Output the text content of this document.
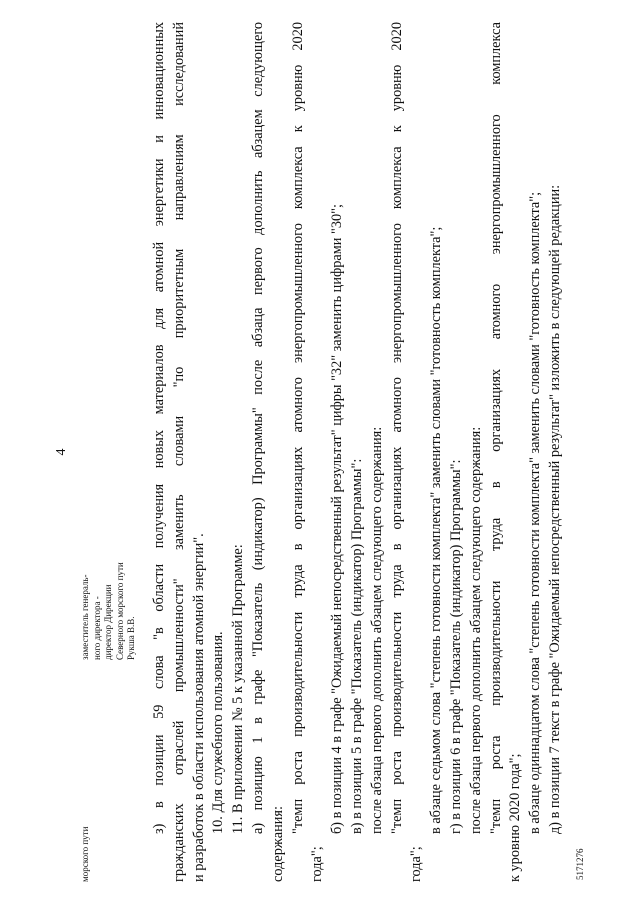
4
морского пути
заместитель генераль- ного директора - директор Дирекции Северного морского пути Рукша В.В. з) в позиции 59 слова "в области получения новых материалов для атомной энергетики и инновационных гражданских отраслей промышленности" заменить словами "по приоритетным направлениям исследований и разработок в области использования атомной энергии". 10. Для служебного пользования. 11. В приложении № 5 к указанной Программе: а) позицию 1 в графе "Показатель (индикатор) Программы" после абзаца первого дополнить абзацем следующего

содержания:

"темп роста производительности труда в организациях атомного энергопромышленного комплекса к уровню 2020

года";

б) в позиции 4 в графе "Ожидаемый непосредственный результат" цифры "32" заменить цифрами "30"; в) в позиции 5 в графе "Показатель (индикатор) Программы": после абзаца первого дополнить абзацем следующего содержания: "темп роста производительности труда в организациях атомного энергопромышленного комплекса к уровню 2020

года";

в абзаце седьмом слова "степень готовности комплекта" заменить словами "готовность комплекта"; г) в позиции 6 в графе "Показатель (индикатор) Программы": после абзаца первого дополнить абзацем следующего содержания: "темп роста производительности труда в организациях атомного энергопромышленного комплекса к уровню 2020 года"; в абзаце одиннадцатом слова "степень готовности комплекта" заменить словами "готовность комплекта"; д) в позиции 7 текст в графе "Ожидаемый непосредственный результат" изложить в следующей редакции:

5171276
